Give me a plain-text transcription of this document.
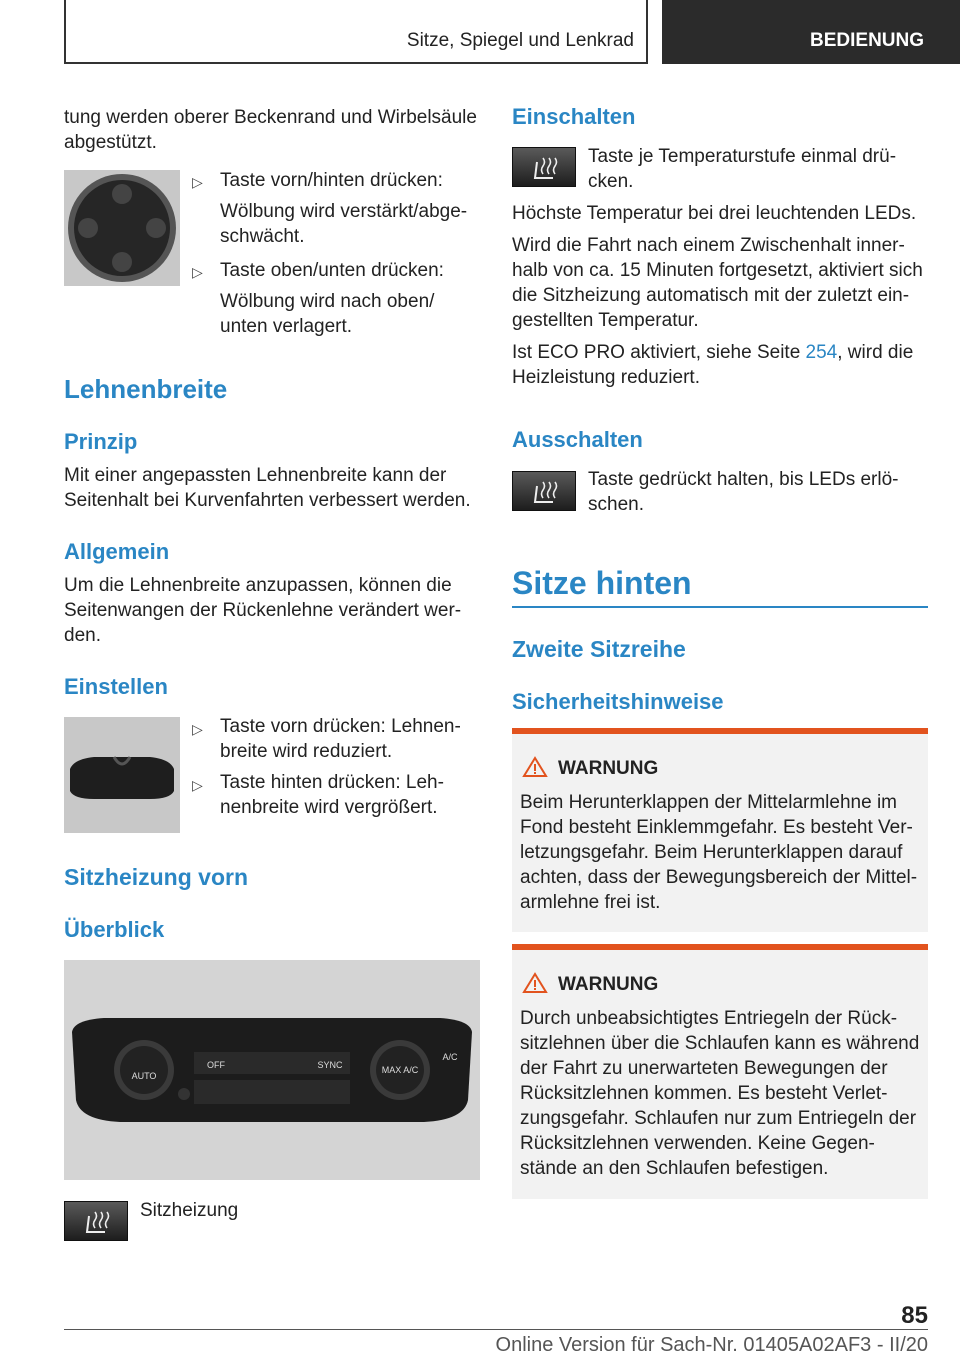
Sitze, Spiegel und Lenkrad	BEDIENUNG

tung werden oberer Beckenrand und Wirbelsäule abgestützt.

▷ Taste vorn/hinten drücken:

Wölbung wird verstärkt/abge-
schwächt.

▷ Taste oben/unten drücken:

Wölbung wird nach oben/
unten verlagert.

Lehnenbreite
Prinzip

Mit einer angepassten Lehnenbreite kann der Seitenhalt bei Kurvenfahrten verbessert werden.

Allgemein

Um die Lehnenbreite anzupassen, können die Seitenwangen der Rückenlehne verändert wer-
den.

Einstellen
▷ Taste vorn drücken: Lehnen-
breite wird reduziert.

▷ Taste hinten drücken: Leh-
nenbreite wird vergrößert.

Sitzheizung vorn
Überblick
AUTO
OFF	SYNC	MAX A/C
A/C

Sitzheizung

Einschalten

Taste je Temperaturstufe einmal drü-
cken.

Höchste Temperatur bei drei leuchtenden LEDs.

Wird die Fahrt nach einem Zwischenhalt inner-
halb von ca. 15 Minuten fortgesetzt, aktiviert sich die Sitzheizung automatisch mit der zuletzt ein-
gestellten Temperatur.

Ist ECO PRO aktiviert, siehe Seite 254, wird die Heizleistung reduziert.

Ausschalten

Taste gedrückt halten, bis LEDs erlö-
schen.

Sitze hinten
Zweite Sitzreihe
Sicherheitshinweise
WARNUNG

Beim Herunterklappen der Mittelarmlehne im Fond besteht Einklemmgefahr. Es besteht Ver-
letzungsgefahr. Beim Herunterklappen darauf achten, dass der Bewegungsbereich der Mittel-
armlehne frei ist.

WARNUNG

Durch unbeabsichtigtes Entriegeln der Rück-
sitzlehnen über die Schlaufen kann es während der Fahrt zu unerwarteten Bewegungen der Rücksitzlehnen kommen. Es besteht Verlet-
zungsgefahr. Schlaufen nur zum Entriegeln der Rücksitzlehnen verwenden. Keine Gegen-
stände an den Schlaufen befestigen.

85
Online Version für Sach-Nr. 01405A02AF3 - II/20
